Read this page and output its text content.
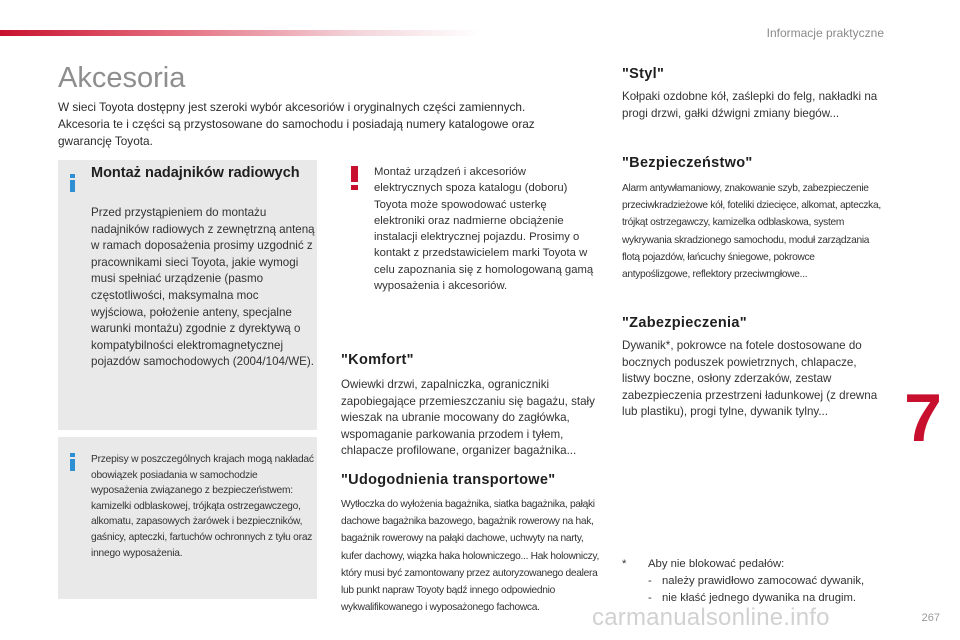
Informacje praktyczne
Akcesoria

W sieci Toyota dostępny jest szeroki wybór akcesoriów i oryginalnych części zamiennych. Akcesoria te i części są przystosowane do samochodu i posiadają numery katalogowe oraz gwarancję Toyota.

Montaż nadajników radiowych

Przed przystąpieniem do montażu nadajników radiowych z zewnętrzną anteną w ramach doposażenia prosimy uzgodnić z pracownikami sieci Toyota, jakie wymogi musi spełniać urządzenie (pasmo częstotliwości, maksymalna moc wyjściowa, położenie anteny, specjalne warunki montażu) zgodnie z dyrektywą o kompatybilności elektromagnetycznej pojazdów samochodowych (2004/104/WE).

Przepisy w poszczególnych krajach mogą nakładać obowiązek posiadania w samochodzie wyposażenia związanego z bezpieczeństwem: kamizelki odblaskowej, trójkąta ostrzegawczego, alkomatu, zapasowych żarówek i bezpieczników, gaśnicy, apteczki, fartuchów ochronnych z tyłu oraz innego wyposażenia.

Montaż urządzeń i akcesoriów elektrycznych spoza katalogu (doboru) Toyota może spowodować usterkę elektroniki oraz nadmierne obciążenie instalacji elektrycznej pojazdu. Prosimy o kontakt z przedstawicielem marki Toyota w celu zapoznania się z homologowaną gamą wyposażenia i akcesoriów.

"Komfort"

Owiewki drzwi, zapalniczka, ograniczniki zapobiegające przemieszczaniu się bagażu, stały wieszak na ubranie mocowany do zagłówka, wspomaganie parkowania przodem i tyłem, chlapacze profilowane, organizer bagażnika...

"Udogodnienia transportowe"

Wytłoczka do wyłożenia bagażnika, siatka bagażnika, pałąki dachowe bagażnika bazowego, bagażnik rowerowy na hak, bagażnik rowerowy na pałąki dachowe, uchwyty na narty, kufer dachowy, wiązka haka holowniczego... Hak holowniczy, który musi być zamontowany przez autoryzowanego dealera lub punkt napraw Toyoty bądź innego odpowiednio wykwalifikowanego i wyposażonego fachowca.

"Styl"

Kołpaki ozdobne kół, zaślepki do felg, nakładki na progi drzwi, gałki dźwigni zmiany biegów...

"Bezpieczeństwo"

Alarm antywłamaniowy, znakowanie szyb, zabezpieczenie przeciwkradzieżowe kół, foteliki dziecięce, alkomat, apteczka, trójkąt ostrzegawczy, kamizelka odblaskowa, system wykrywania skradzionego samochodu, moduł zarządzania flotą pojazdów, łańcuchy śniegowe, pokrowce antypoślizgowe, reflektory przeciwmgłowe...

"Zabezpieczenia"

Dywanik*, pokrowce na fotele dostosowane do bocznych poduszek powietrznych, chlapacze, listwy boczne, osłony zderzaków, zestaw zabezpieczenia przestrzeni ładunkowej (z drewna lub plastiku), progi tylne, dywanik tylny...	7
* Aby nie blokować pedałów:
- należy prawidłowo zamocować dywanik,
- nie kłaść jednego dywanika na drugim.
carmanualsonline.info	267
